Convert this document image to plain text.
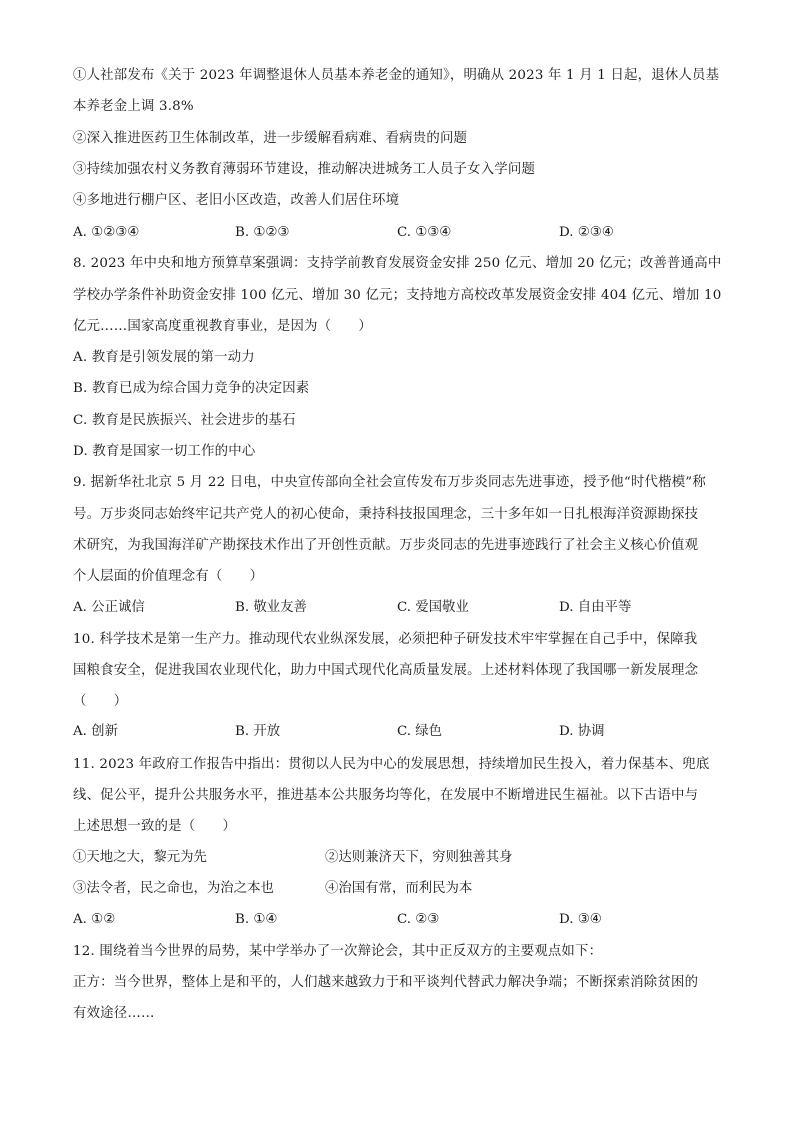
①人社部发布《关于 2023 年调整退休人员基本养老金的通知》，明确从 2023 年 1 月 1 日起，退休人员基
本养老金上调 3.8%
②深入推进医药卫生体制改革，进一步缓解看病难、看病贵的问题
③持续加强农村义务教育薄弱环节建设，推动解决进城务工人员子女入学问题
④多地进行棚户区、老旧小区改造，改善人们居住环境
A. ①②③④	B. ①②③	C. ①③④	D. ②③④
8. 2023 年中央和地方预算草案强调：支持学前教育发展资金安排 250 亿元、增加 20 亿元；改善普通高中
学校办学条件补助资金安排 100 亿元、增加 30 亿元；支持地方高校改革发展资金安排 404 亿元、增加 10
亿元……国家高度重视教育事业，是因为（　　）
A. 教育是引领发展的第一动力
B. 教育已成为综合国力竞争的决定因素
C. 教育是民族振兴、社会进步的基石
D. 教育是国家一切工作的中心
9. 据新华社北京 5 月 22 日电，中央宣传部向全社会宣传发布万步炎同志先进事迹，授予他“时代楷模”称
号。万步炎同志始终牢记共产党人的初心使命，秉持科技报国理念，三十多年如一日扎根海洋资源勘探技
术研究，为我国海洋矿产勘探技术作出了开创性贡献。万步炎同志的先进事迹践行了社会主义核心价值观
个人层面的价值理念有（　　）
A. 公正诚信	B. 敬业友善	C. 爱国敬业	D. 自由平等
10. 科学技术是第一生产力。推动现代农业纵深发展，必须把种子研发技术牢牢掌握在自己手中，保障我
国粮食安全，促进我国农业现代化，助力中国式现代化高质量发展。上述材料体现了我国哪一新发展理念
（　　）
A. 创新	B. 开放	C. 绿色	D. 协调
11. 2023 年政府工作报告中指出：贯彻以人民为中心的发展思想，持续增加民生投入，着力保基本、兜底
线、促公平，提升公共服务水平，推进基本公共服务均等化，在发展中不断增进民生福祉。以下古语中与
上述思想一致的是（　　）
①天地之大，黎元为先	②达则兼济天下，穷则独善其身
③法令者，民之命也，为治之本也	④治国有常，而利民为本
A. ①②	B. ①④	C. ②③	D. ③④
12. 围绕着当今世界的局势，某中学举办了一次辩论会，其中正反双方的主要观点如下：
正方：当今世界，整体上是和平的，人们越来越致力于和平谈判代替武力解决争端；不断探索消除贫困的
有效途径……
